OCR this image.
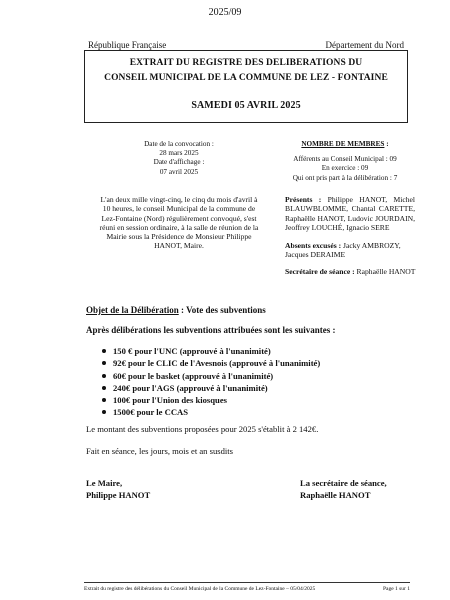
2025/09
République Française	Département du Nord
EXTRAIT DU REGISTRE DES DELIBERATIONS DU
CONSEIL MUNICIPAL DE LA COMMUNE DE LEZ - FONTAINE
SAMEDI 05 AVRIL 2025
Date de la convocation :
28 mars 2025
Date d'affichage :
07 avril 2025
NOMBRE DE MEMBRES :
Afférents au Conseil Municipal : 09
En exercice : 09
Qui ont pris part à la délibération : 7
L'an deux mille vingt-cinq, le cinq du mois d'avril à 10 heures, le conseil Municipal de la commune de Lez-Fontaine (Nord) régulièrement convoqué, s'est réuni en session ordinaire, à la salle de réunion de la Mairie sous la Présidence de Monsieur Philippe HANOT, Maire.
Présents : Philippe HANOT, Michel BLAUWBLOMME, Chantal CARETTE, Raphaëlle HANOT, Ludovic JOURDAIN, Jeoffrey LOUCHÉ, Ignacio SERE
Absents excusés : Jacky AMBROZY, Jacques DERAIME
Secrétaire de séance : Raphaëlle HANOT
Objet de la Délibération : Vote des subventions
Après délibérations les subventions attribuées sont les suivantes :
150 € pour l'UNC (approuvé à l'unanimité)
92€ pour le CLIC de l'Avesnois (approuvé à l'unanimité)
60€ pour le basket (approuvé à l'unanimité)
240€ pour l'AGS (approuvé à l'unanimité)
100€ pour l'Union des kiosques
1500€ pour le CCAS
Le montant des subventions proposées pour 2025 s'établit à 2 142€.
Fait en séance, les jours, mois et an susdits
Le Maire,
Philippe HANOT
La secrétaire de séance,
Raphaëlle HANOT
Extrait du registre des délibérations du Conseil Municipal de la Commune de Lez-Fontaine – 05/04/2025	Page 1 sur 1
